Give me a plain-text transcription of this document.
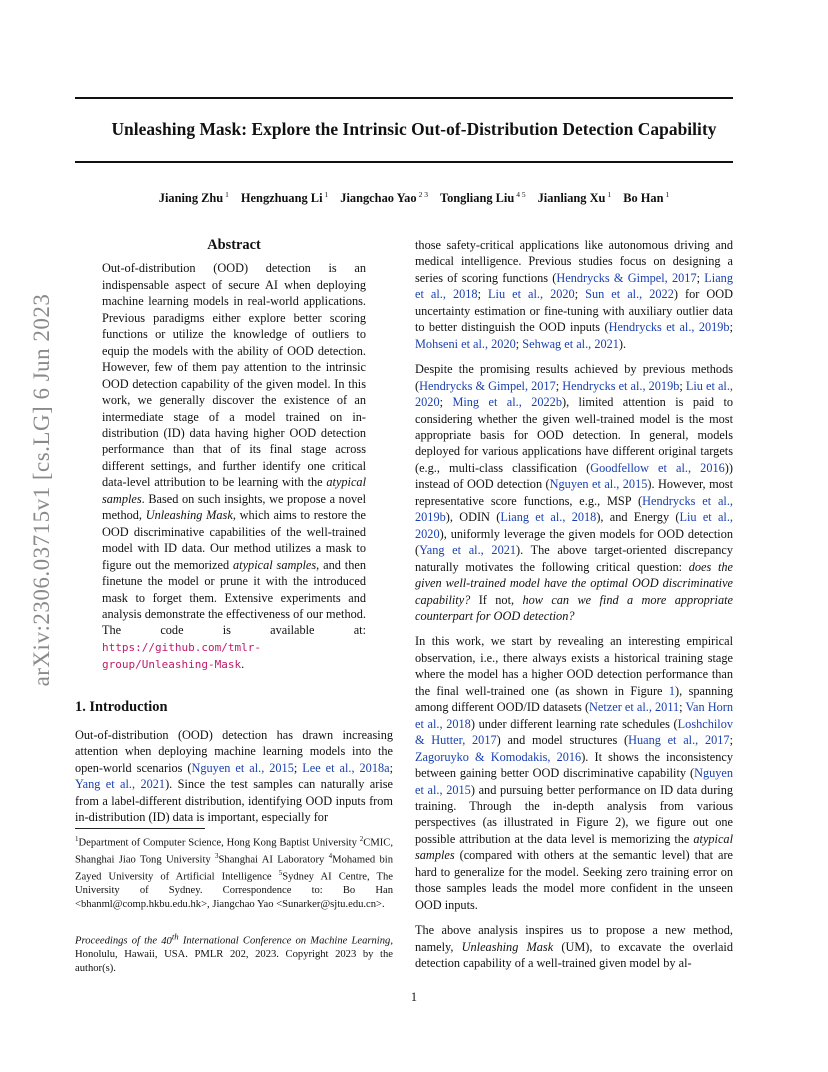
Unleashing Mask: Explore the Intrinsic Out-of-Distribution Detection Capability
Jianing Zhu $^1$ Hengzhuang Li $^1$ Jiangchao Yao $^{2 3}$ Tongliang Liu $^{4 5}$ Jianliang Xu $^1$ Bo Han $^1$
arXiv:2306.03715v1 [cs.LG] 6 Jun 2023
Abstract
Out-of-distribution (OOD) detection is an indispensable aspect of secure AI when deploying machine learning models in real-world applications. Previous paradigms either explore better scoring functions or utilize the knowledge of outliers to equip the models with the ability of OOD detection. However, few of them pay attention to the intrinsic OOD detection capability of the given model. In this work, we generally discover the existence of an intermediate stage of a model trained on in-distribution (ID) data having higher OOD detection performance than that of its final stage across different settings, and further identify one critical data-level attribution to be learning with the atypical samples. Based on such insights, we propose a novel method, Unleashing Mask, which aims to restore the OOD discriminative capabilities of the well-trained model with ID data. Our method utilizes a mask to figure out the memorized atypical samples, and then finetune the model or prune it with the introduced mask to forget them. Extensive experiments and analysis demonstrate the effectiveness of our method. The code is available at: https://github.com/tmlr-group/Unleashing-Mask.
1. Introduction

Out-of-distribution (OOD) detection has drawn increasing attention when deploying machine learning models into the open-world scenarios (Nguyen et al., 2015; Lee et al., 2018a; Yang et al., 2021). Since the test samples can naturally arise from a label-different distribution, identifying OOD inputs from in-distribution (ID) data is important, especially for

$^1$Department of Computer Science, Hong Kong Baptist University $^2$CMIC, Shanghai Jiao Tong University $^3$Shanghai AI Laboratory $^4$Mohamed bin Zayed University of Artificial Intelligence $^5$Sydney AI Centre, The University of Sydney. Correspondence to: Bo Han <bhanml@comp.hkbu.edu.hk>, Jiangchao Yao <Sunarker@sjtu.edu.cn>.
Proceedings of the 40th International Conference on Machine Learning, Honolulu, Hawaii, USA. PMLR 202, 2023. Copyright 2023 by the author(s).

those safety-critical applications like autonomous driving and medical intelligence. Previous studies focus on designing a series of scoring functions (Hendrycks & Gimpel, 2017; Liang et al., 2018; Liu et al., 2020; Sun et al., 2022) for OOD uncertainty estimation or fine-tuning with auxiliary outlier data to better distinguish the OOD inputs (Hendrycks et al., 2019b; Mohseni et al., 2020; Sehwag et al., 2021).

Despite the promising results achieved by previous methods (Hendrycks & Gimpel, 2017; Hendrycks et al., 2019b; Liu et al., 2020; Ming et al., 2022b), limited attention is paid to considering whether the given well-trained model is the most appropriate basis for OOD detection. In general, models deployed for various applications have different original targets (e.g., multi-class classification (Goodfellow et al., 2016)) instead of OOD detection (Nguyen et al., 2015). However, most representative score functions, e.g., MSP (Hendrycks et al., 2019b), ODIN (Liang et al., 2018), and Energy (Liu et al., 2020), uniformly leverage the given models for OOD detection (Yang et al., 2021). The above target-oriented discrepancy naturally motivates the following critical question: does the given well-trained model have the optimal OOD discriminative capability? If not, how can we find a more appropriate counterpart for OOD detection?

In this work, we start by revealing an interesting empirical observation, i.e., there always exists a historical training stage where the model has a higher OOD detection performance than the final well-trained one (as shown in Figure 1), spanning among different OOD/ID datasets (Netzer et al., 2011; Van Horn et al., 2018) under different learning rate schedules (Loshchilov & Hutter, 2017) and model structures (Huang et al., 2017; Zagoruyko & Komodakis, 2016). It shows the inconsistency between gaining better OOD discriminative capability (Nguyen et al., 2015) and pursuing better performance on ID data during training. Through the in-depth analysis from various perspectives (as illustrated in Figure 2), we figure out one possible attribution at the data level is memorizing the atypical samples (compared with others at the semantic level) that are hard to generalize for the model. Seeking zero training error on those samples leads the model more confident in the unseen OOD inputs.

The above analysis inspires us to propose a new method, namely, Unleashing Mask (UM), to excavate the overlaid detection capability of a well-trained given model by al-

1
